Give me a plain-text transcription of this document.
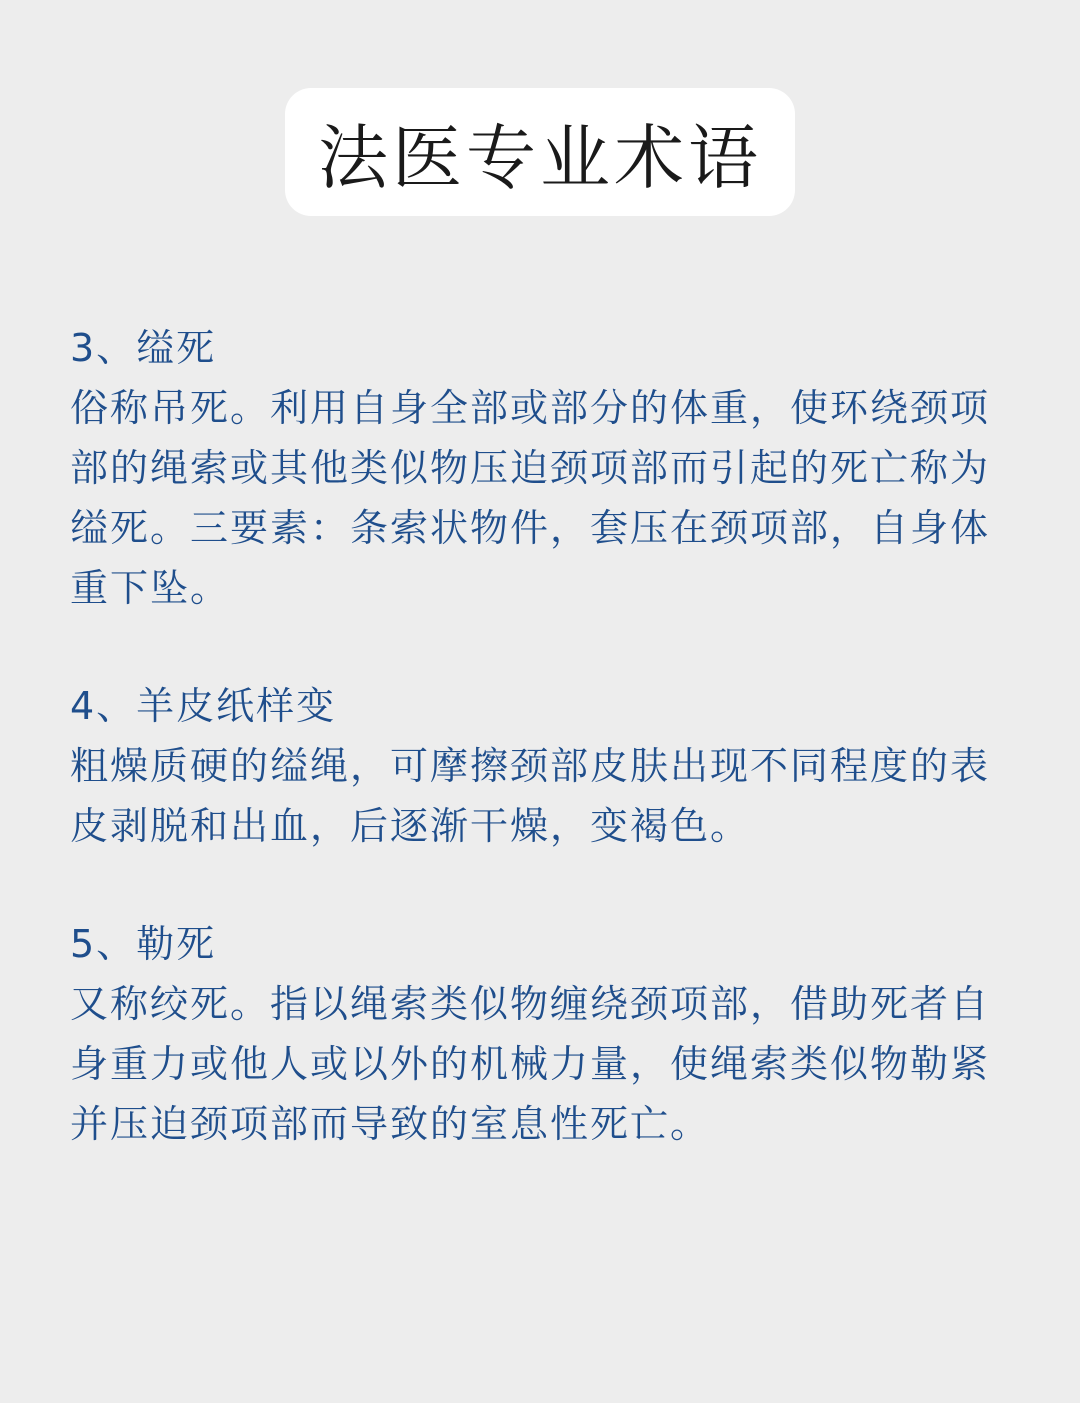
法医专业术语
3、缢死

俗称吊死。利用自身全部或部分的体重，使环绕颈项部的绳索或其他类似物压迫颈项部而引起的死亡称为缢死。三要素：条索状物件，套压在颈项部，自身体重下坠。

4、羊皮纸样变

粗燥质硬的缢绳，可摩擦颈部皮肤出现不同程度的表皮剥脱和出血，后逐渐干燥，变褐色。

5、勒死

又称绞死。指以绳索类似物缠绕颈项部，借助死者自身重力或他人或以外的机械力量，使绳索类似物勒紧并压迫颈项部而导致的室息性死亡。
